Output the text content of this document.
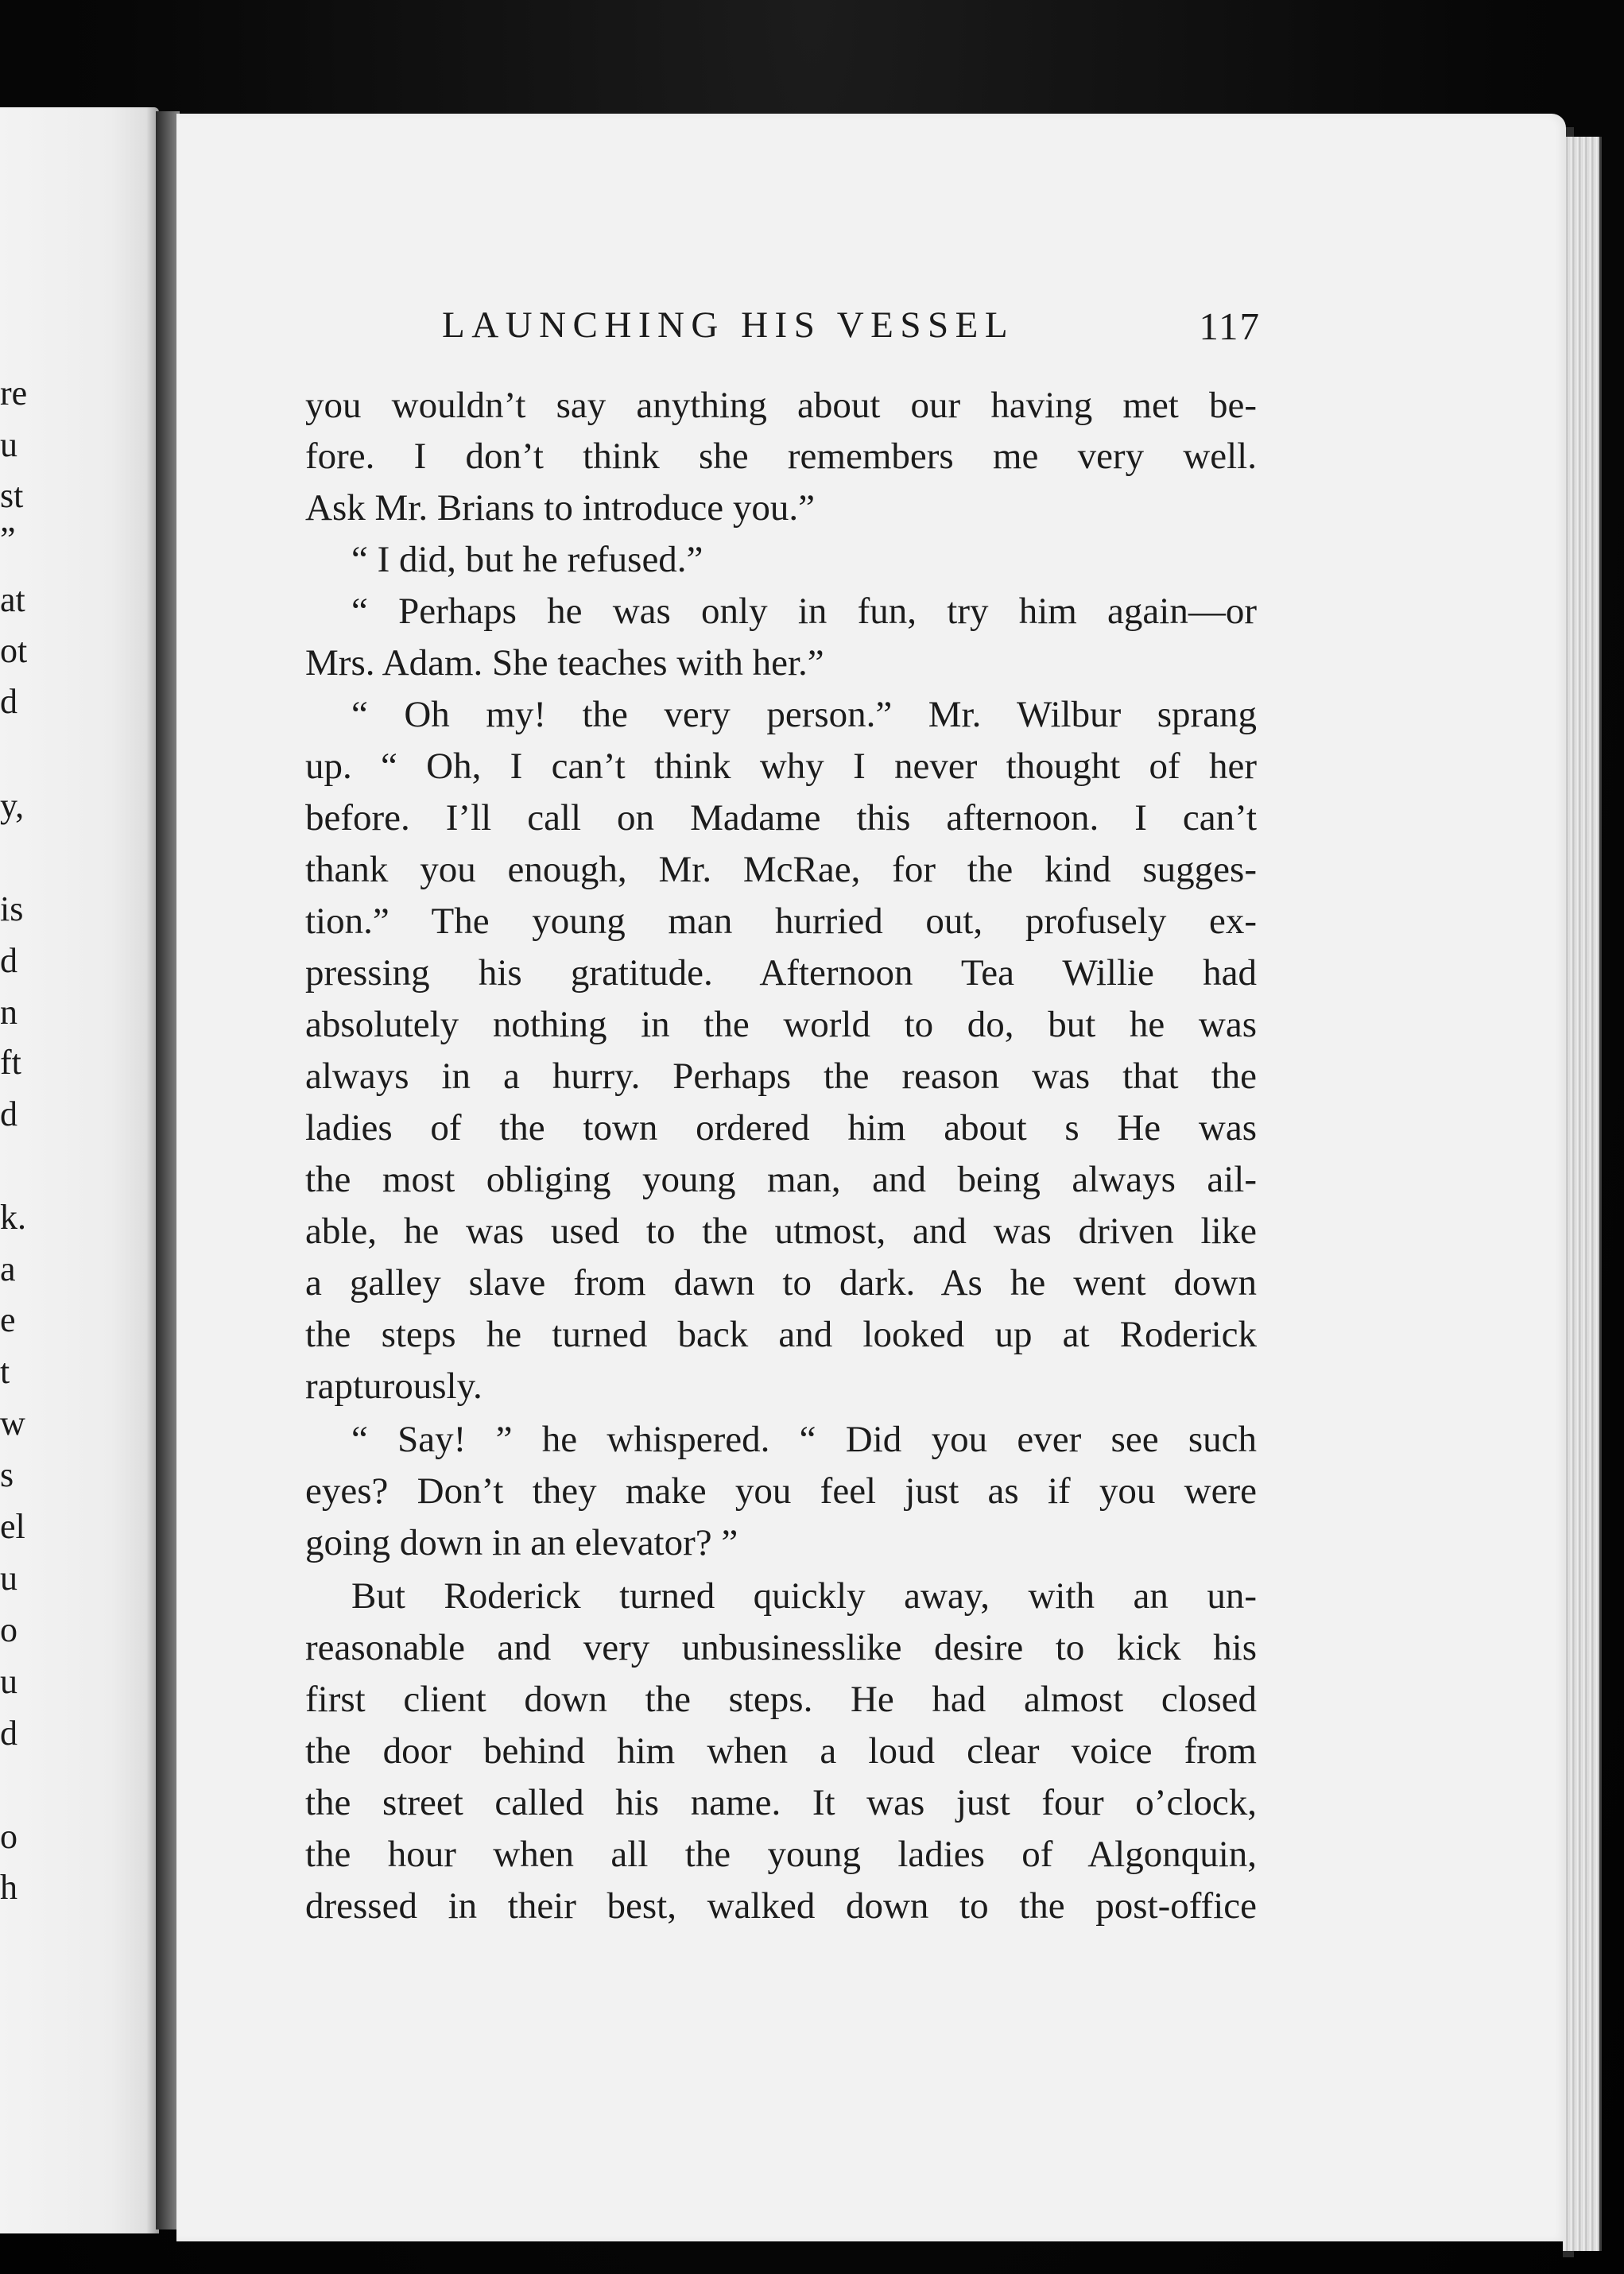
re
u
st
”
at
ot
d
y,
is
d
n
ft
d
k.
a
e
t
w
s
el
u
o
u
d
o
h
LAUNCHING HIS VESSEL	117
you wouldn’t say anything about our having met be-
fore. I don’t think she remembers me very well.
Ask Mr. Brians to introduce you.”
“ I did, but he refused.”
“ Perhaps he was only in fun, try him again—or
Mrs. Adam. She teaches with her.”
“ Oh my! the very person.” Mr. Wilbur sprang
up. “ Oh, I can’t think why I never thought of her
before. I’ll call on Madame this afternoon. I can’t
thank you enough, Mr. McRae, for the kind sugges-
tion.” The young man hurried out, profusely ex-
pressing his gratitude. Afternoon Tea Willie had
absolutely nothing in the world to do, but he was
always in a hurry. Perhaps the reason was that the
ladies of the town ordered him about s He was
the most obliging young man, and being always ail-
able, he was used to the utmost, and was driven like
a galley slave from dawn to dark. As he went down
the steps he turned back and looked up at Roderick
rapturously.
“ Say! ” he whispered. “ Did you ever see such
eyes? Don’t they make you feel just as if you were
going down in an elevator? ”
But Roderick turned quickly away, with an un-
reasonable and very unbusinesslike desire to kick his
first client down the steps. He had almost closed
the door behind him when a loud clear voice from
the street called his name. It was just four o’clock,
the hour when all the young ladies of Algonquin,
dressed in their best, walked down to the post-office
